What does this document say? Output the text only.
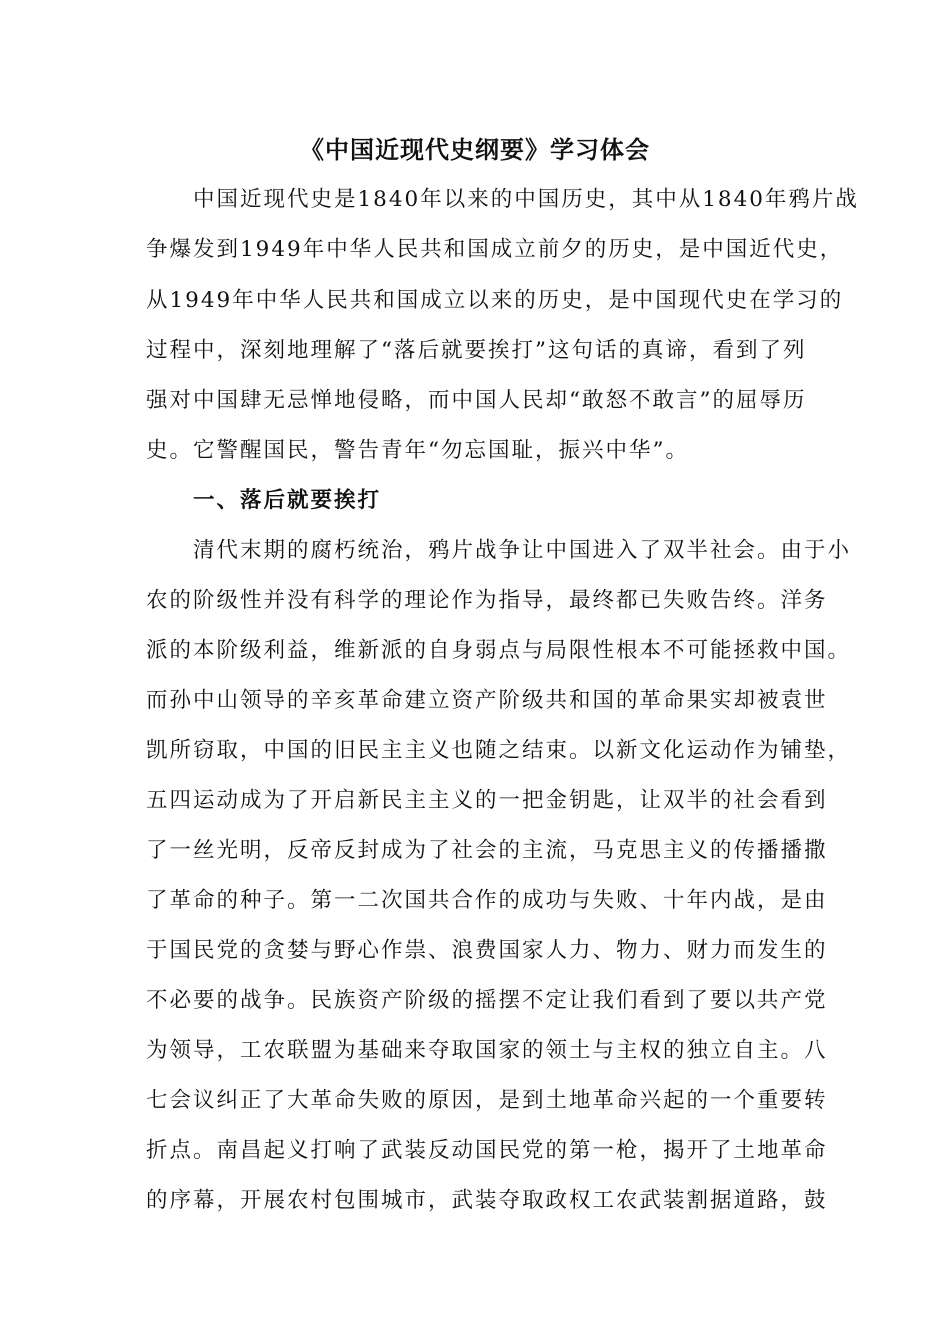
《中国近现代史纲要》学习体会
　　中国近现代史是1840年以来的中国历史，其中从1840年鸦片战
争爆发到1949年中华人民共和国成立前夕的历史，是中国近代史，
从1949年中华人民共和国成立以来的历史，是中国现代史在学习的
过程中，深刻地理解了“落后就要挨打”这句话的真谛，看到了列
强对中国肆无忌惮地侵略，而中国人民却“敢怒不敢言”的屈辱历
史。它警醒国民，警告青年“勿忘国耻，振兴中华”。
　　一、落后就要挨打
　　清代末期的腐朽统治，鸦片战争让中国进入了双半社会。由于小
农的阶级性并没有科学的理论作为指导，最终都已失败告终。洋务
派的本阶级利益，维新派的自身弱点与局限性根本不可能拯救中国。
而孙中山领导的辛亥革命建立资产阶级共和国的革命果实却被袁世
凯所窃取，中国的旧民主主义也随之结束。以新文化运动作为铺垫，
五四运动成为了开启新民主主义的一把金钥匙，让双半的社会看到
了一丝光明，反帝反封成为了社会的主流，马克思主义的传播播撒
了革命的种子。第一二次国共合作的成功与失败、十年内战，是由
于国民党的贪婪与野心作祟、浪费国家人力、物力、财力而发生的
不必要的战争。民族资产阶级的摇摆不定让我们看到了要以共产党
为领导，工农联盟为基础来夺取国家的领土与主权的独立自主。八
七会议纠正了大革命失败的原因，是到土地革命兴起的一个重要转
折点。南昌起义打响了武装反动国民党的第一枪，揭开了土地革命
的序幕，开展农村包围城市，武装夺取政权工农武装割据道路，鼓
